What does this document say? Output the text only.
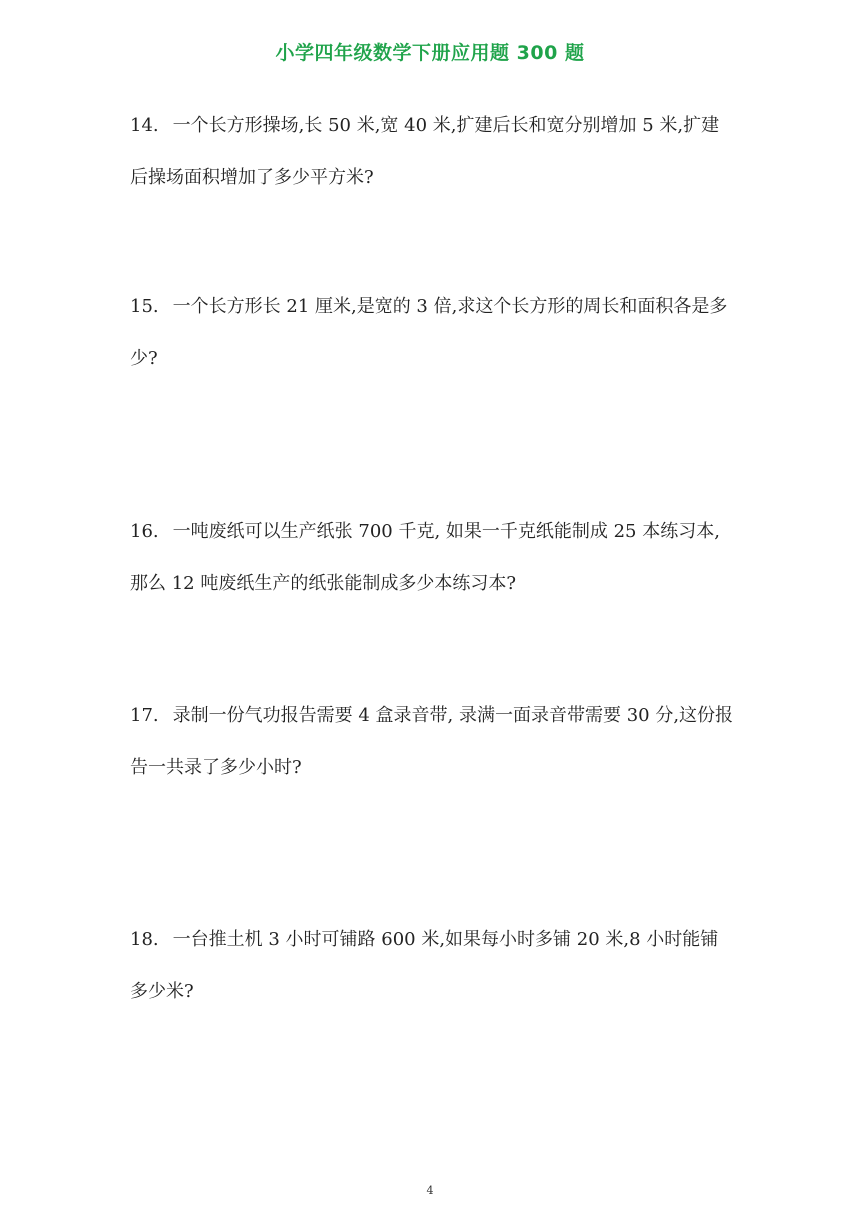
小学四年级数学下册应用题 300 题

14. 一个长方形操场,长 50 米,宽 40 米,扩建后长和宽分别增加 5 米,扩建后操场面积增加了多少平方米?

15. 一个长方形长 21 厘米,是宽的 3 倍,求这个长方形的周长和面积各是多少?

16. 一吨废纸可以生产纸张 700 千克, 如果一千克纸能制成 25 本练习本, 那么 12 吨废纸生产的纸张能制成多少本练习本?

17. 录制一份气功报告需要 4 盒录音带, 录满一面录音带需要 30 分,这份报告一共录了多少小时?

18. 一台推土机 3 小时可铺路 600 米,如果每小时多铺 20 米,8 小时能铺多少米?

4
